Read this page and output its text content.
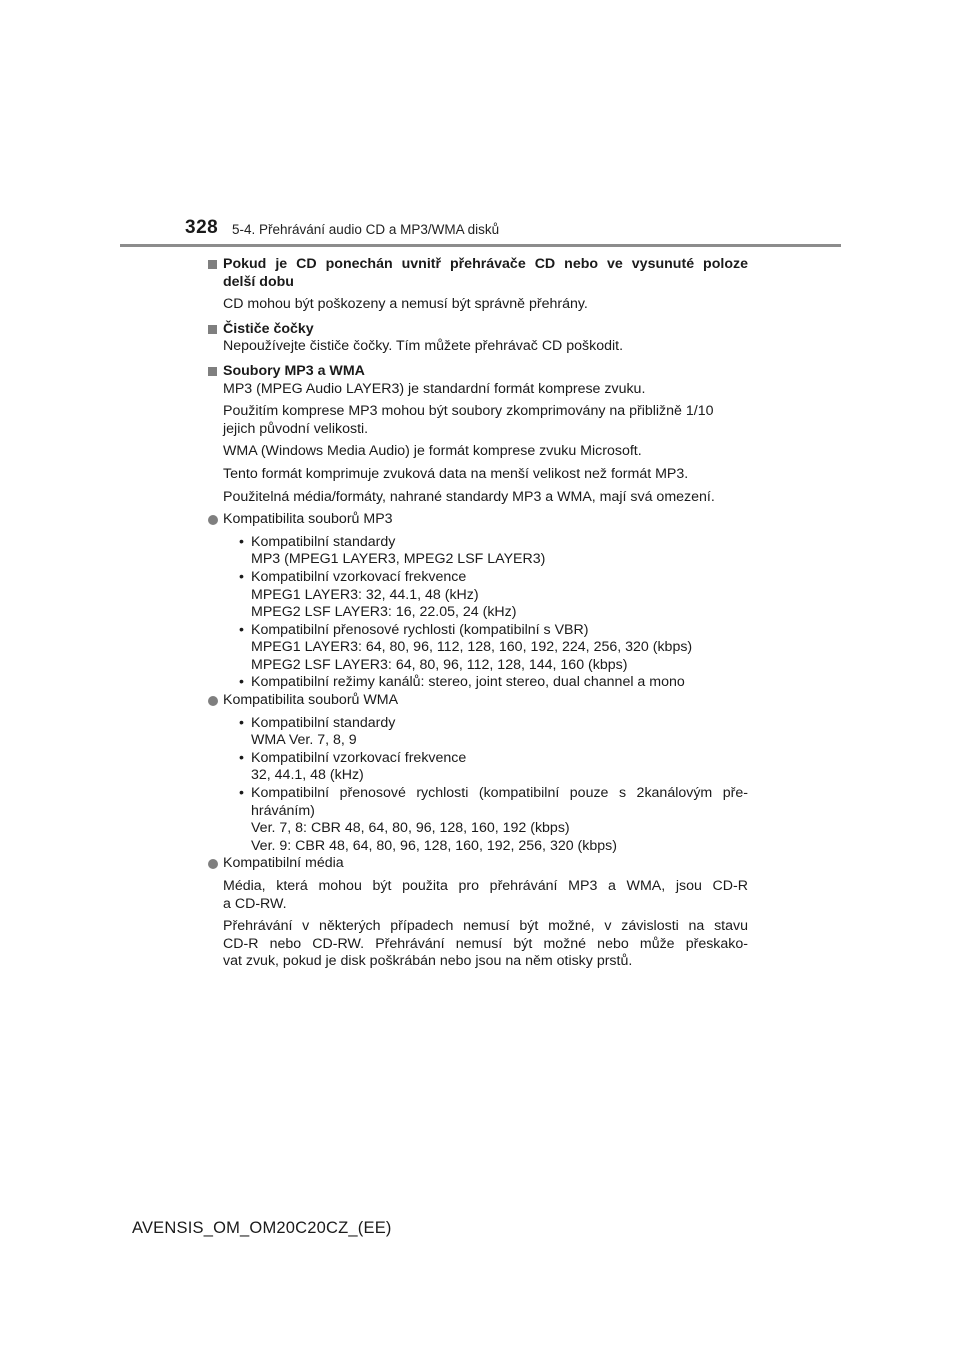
328 5-4. Přehrávání audio CD a MP3/WMA disků
Pokud je CD ponechán uvnitř přehrávače CD nebo ve vysunuté poloze
delší dobu
CD mohou být poškozeny a nemusí být správně přehrány.
Čističe čočky
Nepoužívejte čističe čočky. Tím můžete přehrávač CD poškodit.
Soubory MP3 a WMA
MP3 (MPEG Audio LAYER3) je standardní formát komprese zvuku.
Použitím komprese MP3 mohou být soubory zkomprimovány na přibližně 1/10
jejich původní velikosti.
WMA (Windows Media Audio) je formát komprese zvuku Microsoft.
Tento formát komprimuje zvuková data na menší velikost než formát MP3.
Použitelná média/formáty, nahrané standardy MP3 a WMA, mají svá omezení.
Kompatibilita souborů MP3
• Kompatibilní standardy
MP3 (MPEG1 LAYER3, MPEG2 LSF LAYER3)
• Kompatibilní vzorkovací frekvence
MPEG1 LAYER3: 32, 44.1, 48 (kHz)
MPEG2 LSF LAYER3: 16, 22.05, 24 (kHz)
• Kompatibilní přenosové rychlosti (kompatibilní s VBR)
MPEG1 LAYER3: 64, 80, 96, 112, 128, 160, 192, 224, 256, 320 (kbps)
MPEG2 LSF LAYER3: 64, 80, 96, 112, 128, 144, 160 (kbps)
• Kompatibilní režimy kanálů: stereo, joint stereo, dual channel a mono
Kompatibilita souborů WMA
• Kompatibilní standardy
WMA Ver. 7, 8, 9
• Kompatibilní vzorkovací frekvence
32, 44.1, 48 (kHz)
• Kompatibilní přenosové rychlosti (kompatibilní pouze s 2kanálovým pře-
hráváním)
Ver. 7, 8: CBR 48, 64, 80, 96, 128, 160, 192 (kbps)
Ver. 9: CBR 48, 64, 80, 96, 128, 160, 192, 256, 320 (kbps)
Kompatibilní média
Média, která mohou být použita pro přehrávání MP3 a WMA, jsou CD-R
a CD-RW.
Přehrávání v některých případech nemusí být možné, v závislosti na stavu
CD-R nebo CD-RW. Přehrávání nemusí být možné nebo může přeskako-
vat zvuk, pokud je disk poškrábán nebo jsou na něm otisky prstů.
AVENSIS_OM_OM20C20CZ_(EE)
